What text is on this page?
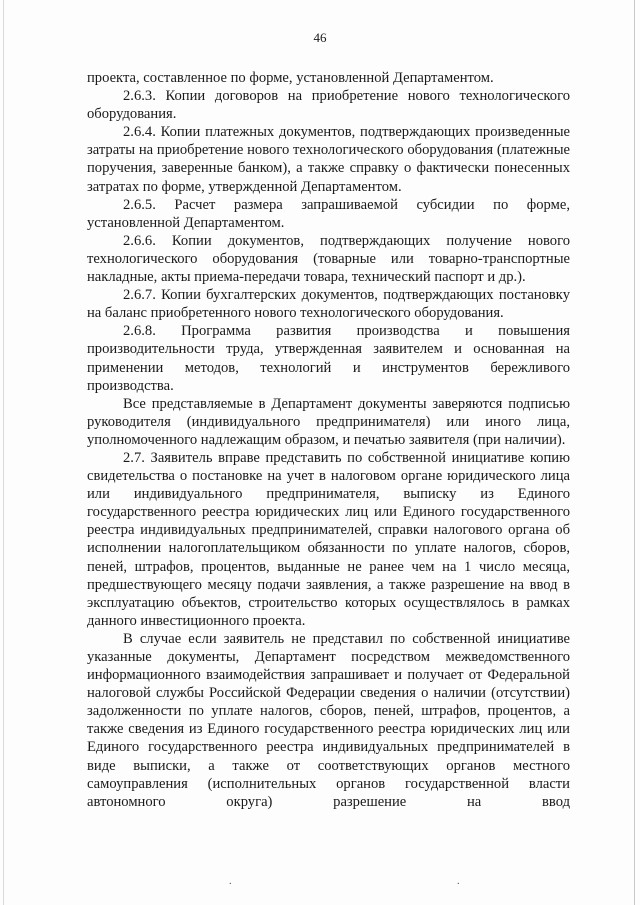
46

проекта, составленное по форме, установленной Департаментом.

2.6.3. Копии договоров на приобретение нового технологического оборудования.

2.6.4. Копии платежных документов, подтверждающих произведенные затраты на приобретение нового технологического оборудования (платежные поручения, заверенные банком), а также справку о фактически понесенных затратах по форме, утвержденной Департаментом.

2.6.5. Расчет размера запрашиваемой субсидии по форме, установленной Департаментом.

2.6.6. Копии документов, подтверждающих получение нового технологического оборудования (товарные или товарно-транспортные накладные, акты приема-передачи товара, технический паспорт и др.).

2.6.7. Копии бухгалтерских документов, подтверждающих постановку на баланс приобретенного нового технологического оборудования.

2.6.8. Программа развития производства и повышения производительности труда, утвержденная заявителем и основанная на применении методов, технологий и инструментов бережливого производства.

Все представляемые в Департамент документы заверяются подписью руководителя (индивидуального предпринимателя) или иного лица, уполномоченного надлежащим образом, и печатью заявителя (при наличии).

2.7. Заявитель вправе представить по собственной инициативе копию свидетельства о постановке на учет в налоговом органе юридического лица или индивидуального предпринимателя, выписку из Единого государственного реестра юридических лиц или Единого государственного реестра индивидуальных предпринимателей, справки налогового органа об исполнении налогоплательщиком обязанности по уплате налогов, сборов, пеней, штрафов, процентов, выданные не ранее чем на 1 число месяца, предшествующего месяцу подачи заявления, а также разрешение на ввод в эксплуатацию объектов, строительство которых осуществлялось в рамках данного инвестиционного проекта.

В случае если заявитель не представил по собственной инициативе указанные документы, Департамент посредством межведомственного информационного взаимодействия запрашивает и получает от Федеральной налоговой службы Российской Федерации сведения о наличии (отсутствии) задолженности по уплате налогов, сборов, пеней, штрафов, процентов, а также сведения из Единого государственного реестра юридических лиц или Единого государственного реестра индивидуальных предпринимателей в виде выписки, а также от соответствующих органов местного самоуправления (исполнительных органов государственной власти автономного округа) разрешение на ввод

.	.
